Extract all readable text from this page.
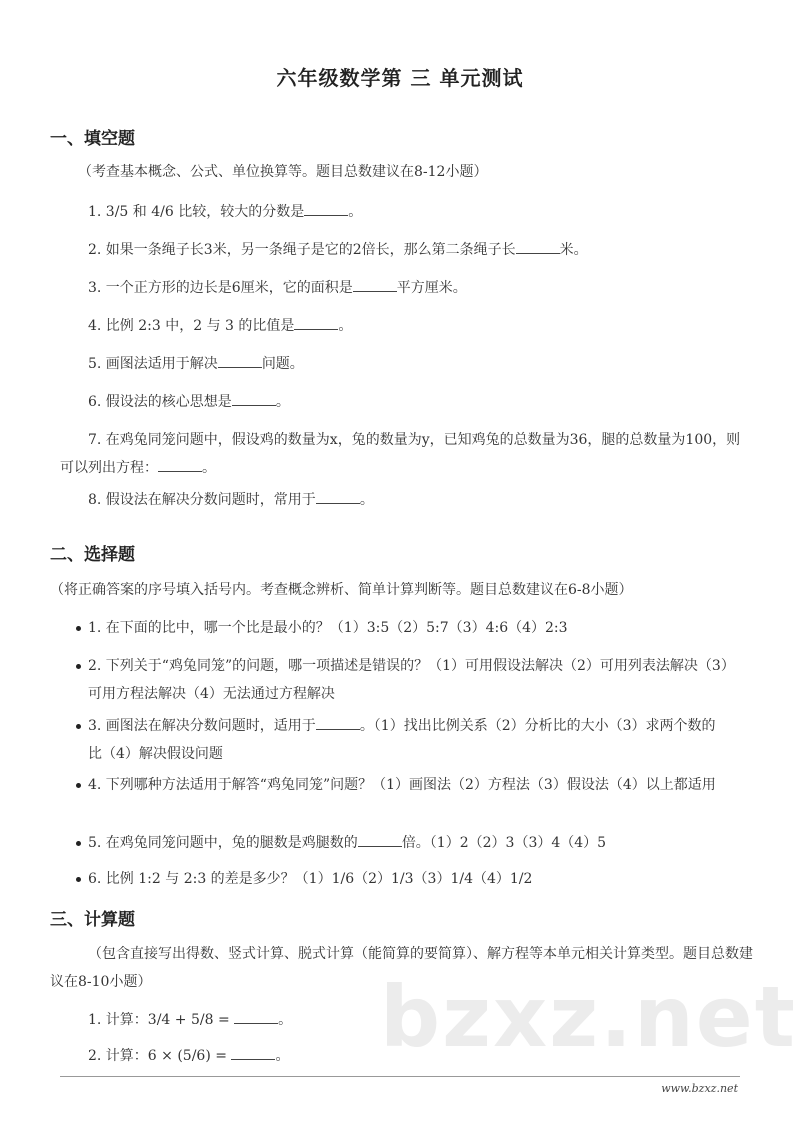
bzxz.net
六年级数学第 三 单元测试
一、填空题
（考查基本概念、公式、单位换算等。题目总数建议在8-12小题）
1. 3/5 和 4/6 比较，较大的分数是	。
2. 如果一条绳子长3米，另一条绳子是它的2倍长，那么第二条绳子长	米。
3. 一个正方形的边长是6厘米，它的面积是	平方厘米。
4. 比例 2:3 中，2 与 3 的比值是	。
5. 画图法适用于解决	问题。
6. 假设法的核心思想是	。
7. 在鸡兔同笼问题中，假设鸡的数量为x，兔的数量为y，已知鸡兔的总数量为36，腿的总数量为100，则可以列出方程：	。
8. 假设法在解决分数问题时，常用于	。
二、选择题
（将正确答案的序号填入括号内。考查概念辨析、简单计算判断等。题目总数建议在6-8小题）
1. 在下面的比中，哪一个比是最小的？（1）3:5（2）5:7（3）4:6（4）2:3
2. 下列关于“鸡兔同笼”的问题，哪一项描述是错误的？（1）可用假设法解决（2）可用列表法解决（3）可用方程法解决（4）无法通过方程解决
3. 画图法在解决分数问题时，适用于	。（1）找出比例关系（2）分析比的大小（3）求两个数的比（4）解决假设问题
4. 下列哪种方法适用于解答“鸡兔同笼”问题？（1）画图法（2）方程法（3）假设法（4）以上都适用
5. 在鸡兔同笼问题中，兔的腿数是鸡腿数的	倍。（1）2（2）3（3）4（4）5
6. 比例 1:2 与 2:3 的差是多少？（1）1/6（2）1/3（3）1/4（4）1/2
三、计算题
（包含直接写出得数、竖式计算、脱式计算（能简算的要简算）、解方程等本单元相关计算类型。题目总数建议在8-10小题）
1. 计算：3/4 + 5/8 =	。
2. 计算：6 × (5/6) =	。
www.bzxz.net
